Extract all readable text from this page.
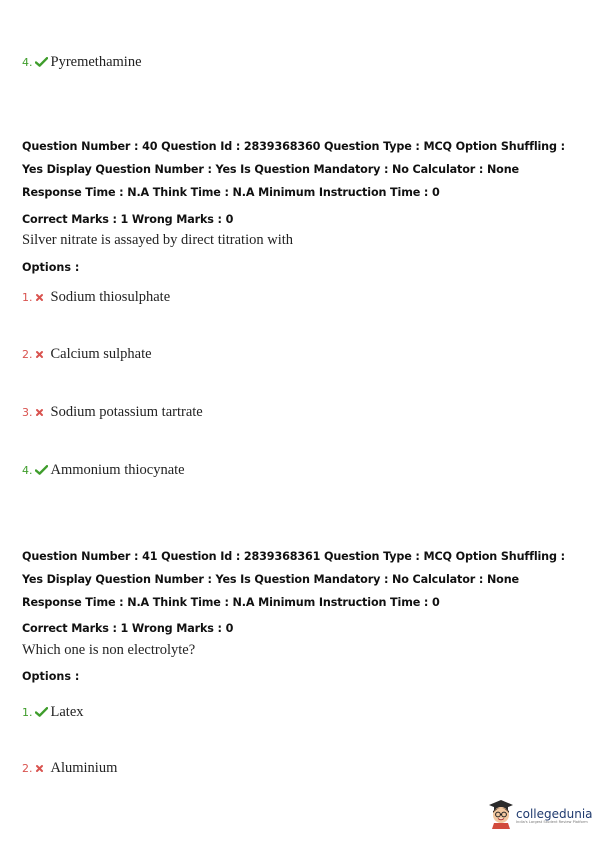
4. Pyremethamine
Question Number : 40 Question Id : 2839368360 Question Type : MCQ Option Shuffling : Yes Display Question Number : Yes Is Question Mandatory : No Calculator : None Response Time : N.A Think Time : N.A Minimum Instruction Time : 0
Correct Marks : 1 Wrong Marks : 0
Silver nitrate is assayed by direct titration with
Options :
1. Sodium thiosulphate
2. Calcium sulphate
3. Sodium potassium tartrate
4. Ammonium thiocynate
Question Number : 41 Question Id : 2839368361 Question Type : MCQ Option Shuffling : Yes Display Question Number : Yes Is Question Mandatory : No Calculator : None Response Time : N.A Think Time : N.A Minimum Instruction Time : 0
Correct Marks : 1 Wrong Marks : 0
Which one is non electrolyte?
Options :
1. Latex
2. Aluminium
collegedunia
India's Largest Student Review Platform
